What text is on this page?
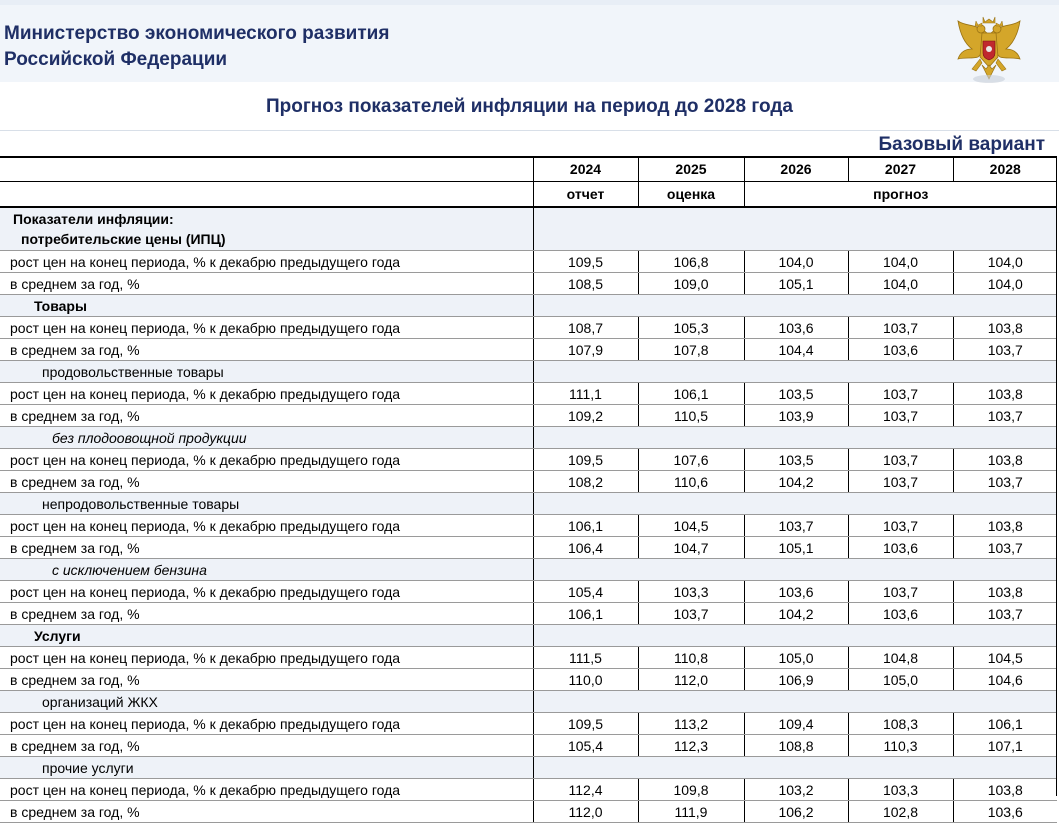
Министерство экономического развития
Российской Федерации
Прогноз показателей инфляции на период до 2028 года
Базовый вариант
	2024	2025	2026	2027	2028
	отчет	оценка	прогноз		

Показатели инфляции:
потребительские цены (ИПЦ)					

рост цен на конец периода, % к декабрю предыдущего года	109,5	106,8	104,0	104,0	104,0
в среднем за год, %	108,5	109,0	105,1	104,0	104,0

Товары					

рост цен на конец периода, % к декабрю предыдущего года	108,7	105,3	103,6	103,7	103,8
в среднем за год, %	107,9	107,8	104,4	103,6	103,7

продовольственные товары					

рост цен на конец периода, % к декабрю предыдущего года	111,1	106,1	103,5	103,7	103,8
в среднем за год, %	109,2	110,5	103,9	103,7	103,7

без плодоовощной продукции					

рост цен на конец периода, % к декабрю предыдущего года	109,5	107,6	103,5	103,7	103,8
в среднем за год, %	108,2	110,6	104,2	103,7	103,7

непродовольственные товары					

рост цен на конец периода, % к декабрю предыдущего года	106,1	104,5	103,7	103,7	103,8
в среднем за год, %	106,4	104,7	105,1	103,6	103,7

с исключением бензина					

рост цен на конец периода, % к декабрю предыдущего года	105,4	103,3	103,6	103,7	103,8
в среднем за год, %	106,1	103,7	104,2	103,6	103,7

Услуги					

рост цен на конец периода, % к декабрю предыдущего года	111,5	110,8	105,0	104,8	104,5
в среднем за год, %	110,0	112,0	106,9	105,0	104,6

организаций ЖКХ					

рост цен на конец периода, % к декабрю предыдущего года	109,5	113,2	109,4	108,3	106,1
в среднем за год, %	105,4	112,3	108,8	110,3	107,1

прочие услуги					

рост цен на конец периода, % к декабрю предыдущего года	112,4	109,8	103,2	103,3	103,8
в среднем за год, %	112,0	111,9	106,2	102,8	103,6
